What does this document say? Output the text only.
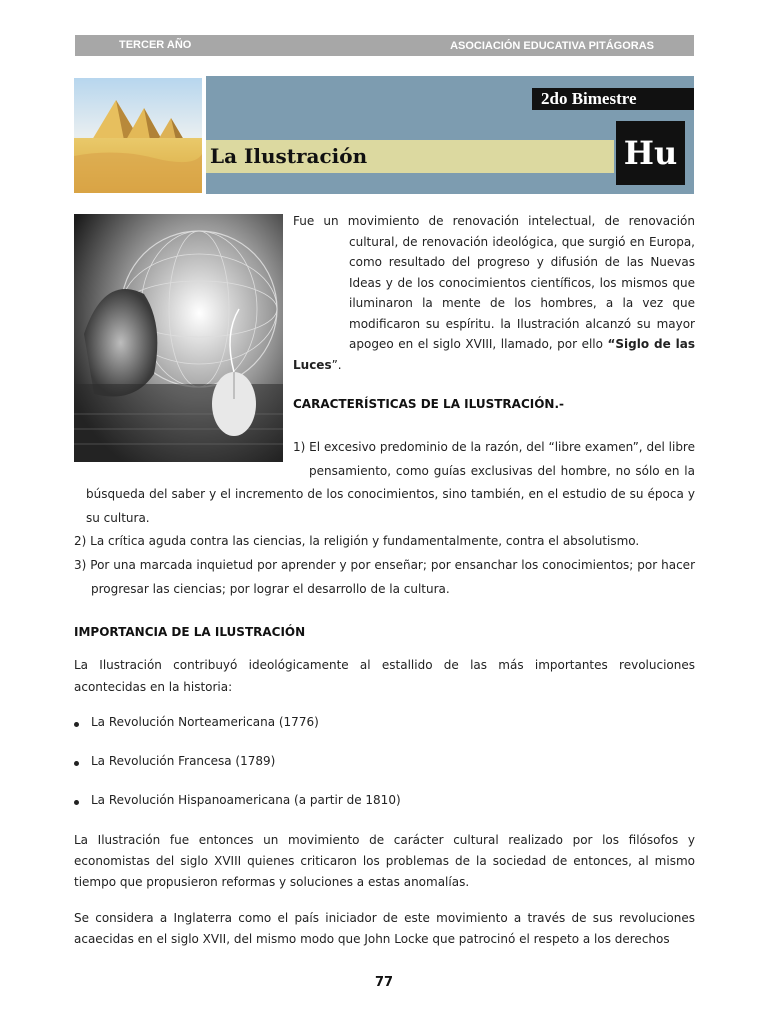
TERCER AÑO	ASOCIACIÓN EDUCATIVA PITÁGORAS
La Ilustración
2do Bimestre
Hu
Fue un movimiento de renovación intelectual, de renovación cultural, de renovación ideológica, que surgió en Europa, como resultado del progreso y difusión de las Nuevas Ideas y de los conocimientos científicos, los mismos que iluminaron la mente de los hombres, a la vez que modificaron su espíritu. la Ilustración alcanzó su mayor apogeo en el siglo XVIII, llamado, por ello “Siglo de las Luces”.

CARACTERÍSTICAS DE LA ILUSTRACIÓN.-

1) El excesivo predominio de la razón, del “libre examen”, del libre pensamiento, como guías exclusivas del hombre, no sólo en la búsqueda del saber y el incremento de los conocimientos, sino también, en el estudio de su época y su cultura.
2) La crítica aguda contra las ciencias, la religión y fundamentalmente, contra el absolutismo.
3) Por una marcada inquietud por aprender y por enseñar; por ensanchar los conocimientos; por hacer progresar las ciencias; por lograr el desarrollo de la cultura.

IMPORTANCIA DE LA ILUSTRACIÓN

La Ilustración contribuyó ideológicamente al estallido de las más importantes revoluciones acontecidas en la historia:

La Revolución Norteamericana (1776)
La Revolución Francesa (1789)
La Revolución Hispanoamericana (a partir de 1810)

La Ilustración fue entonces un movimiento de carácter cultural realizado por los filósofos y economistas del siglo XVIII quienes criticaron los problemas de la sociedad de entonces, al mismo tiempo que propusieron reformas y soluciones a estas anomalías.

Se considera a Inglaterra como el país iniciador de este movimiento a través de sus revoluciones acaecidas en el siglo XVII, del mismo modo que John Locke que patrocinó el respeto a los derechos

77
